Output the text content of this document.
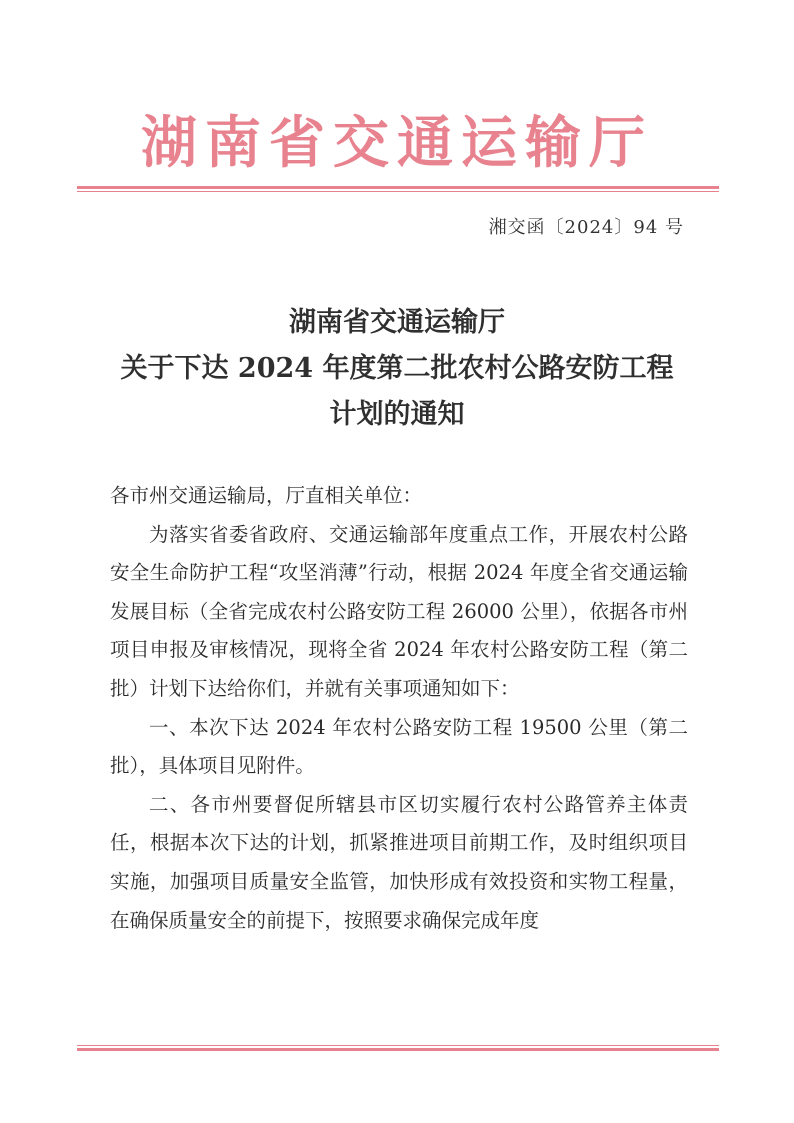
湖南省交通运输厅
湘交函〔2024〕94 号
湖南省交通运输厅
关于下达 2024 年度第二批农村公路安防工程
计划的通知

各市州交通运输局，厅直相关单位：

为落实省委省政府、交通运输部年度重点工作，开展农村公路安全生命防护工程“攻坚消薄”行动，根据 2024 年度全省交通运输发展目标（全省完成农村公路安防工程 26000 公里），依据各市州项目申报及审核情况，现将全省 2024 年农村公路安防工程（第二批）计划下达给你们，并就有关事项通知如下：

一、本次下达 2024 年农村公路安防工程 19500 公里（第二批），具体项目见附件。

二、各市州要督促所辖县市区切实履行农村公路管养主体责任，根据本次下达的计划，抓紧推进项目前期工作，及时组织项目实施，加强项目质量安全监管，加快形成有效投资和实物工程量，在确保质量安全的前提下，按照要求确保完成年度
